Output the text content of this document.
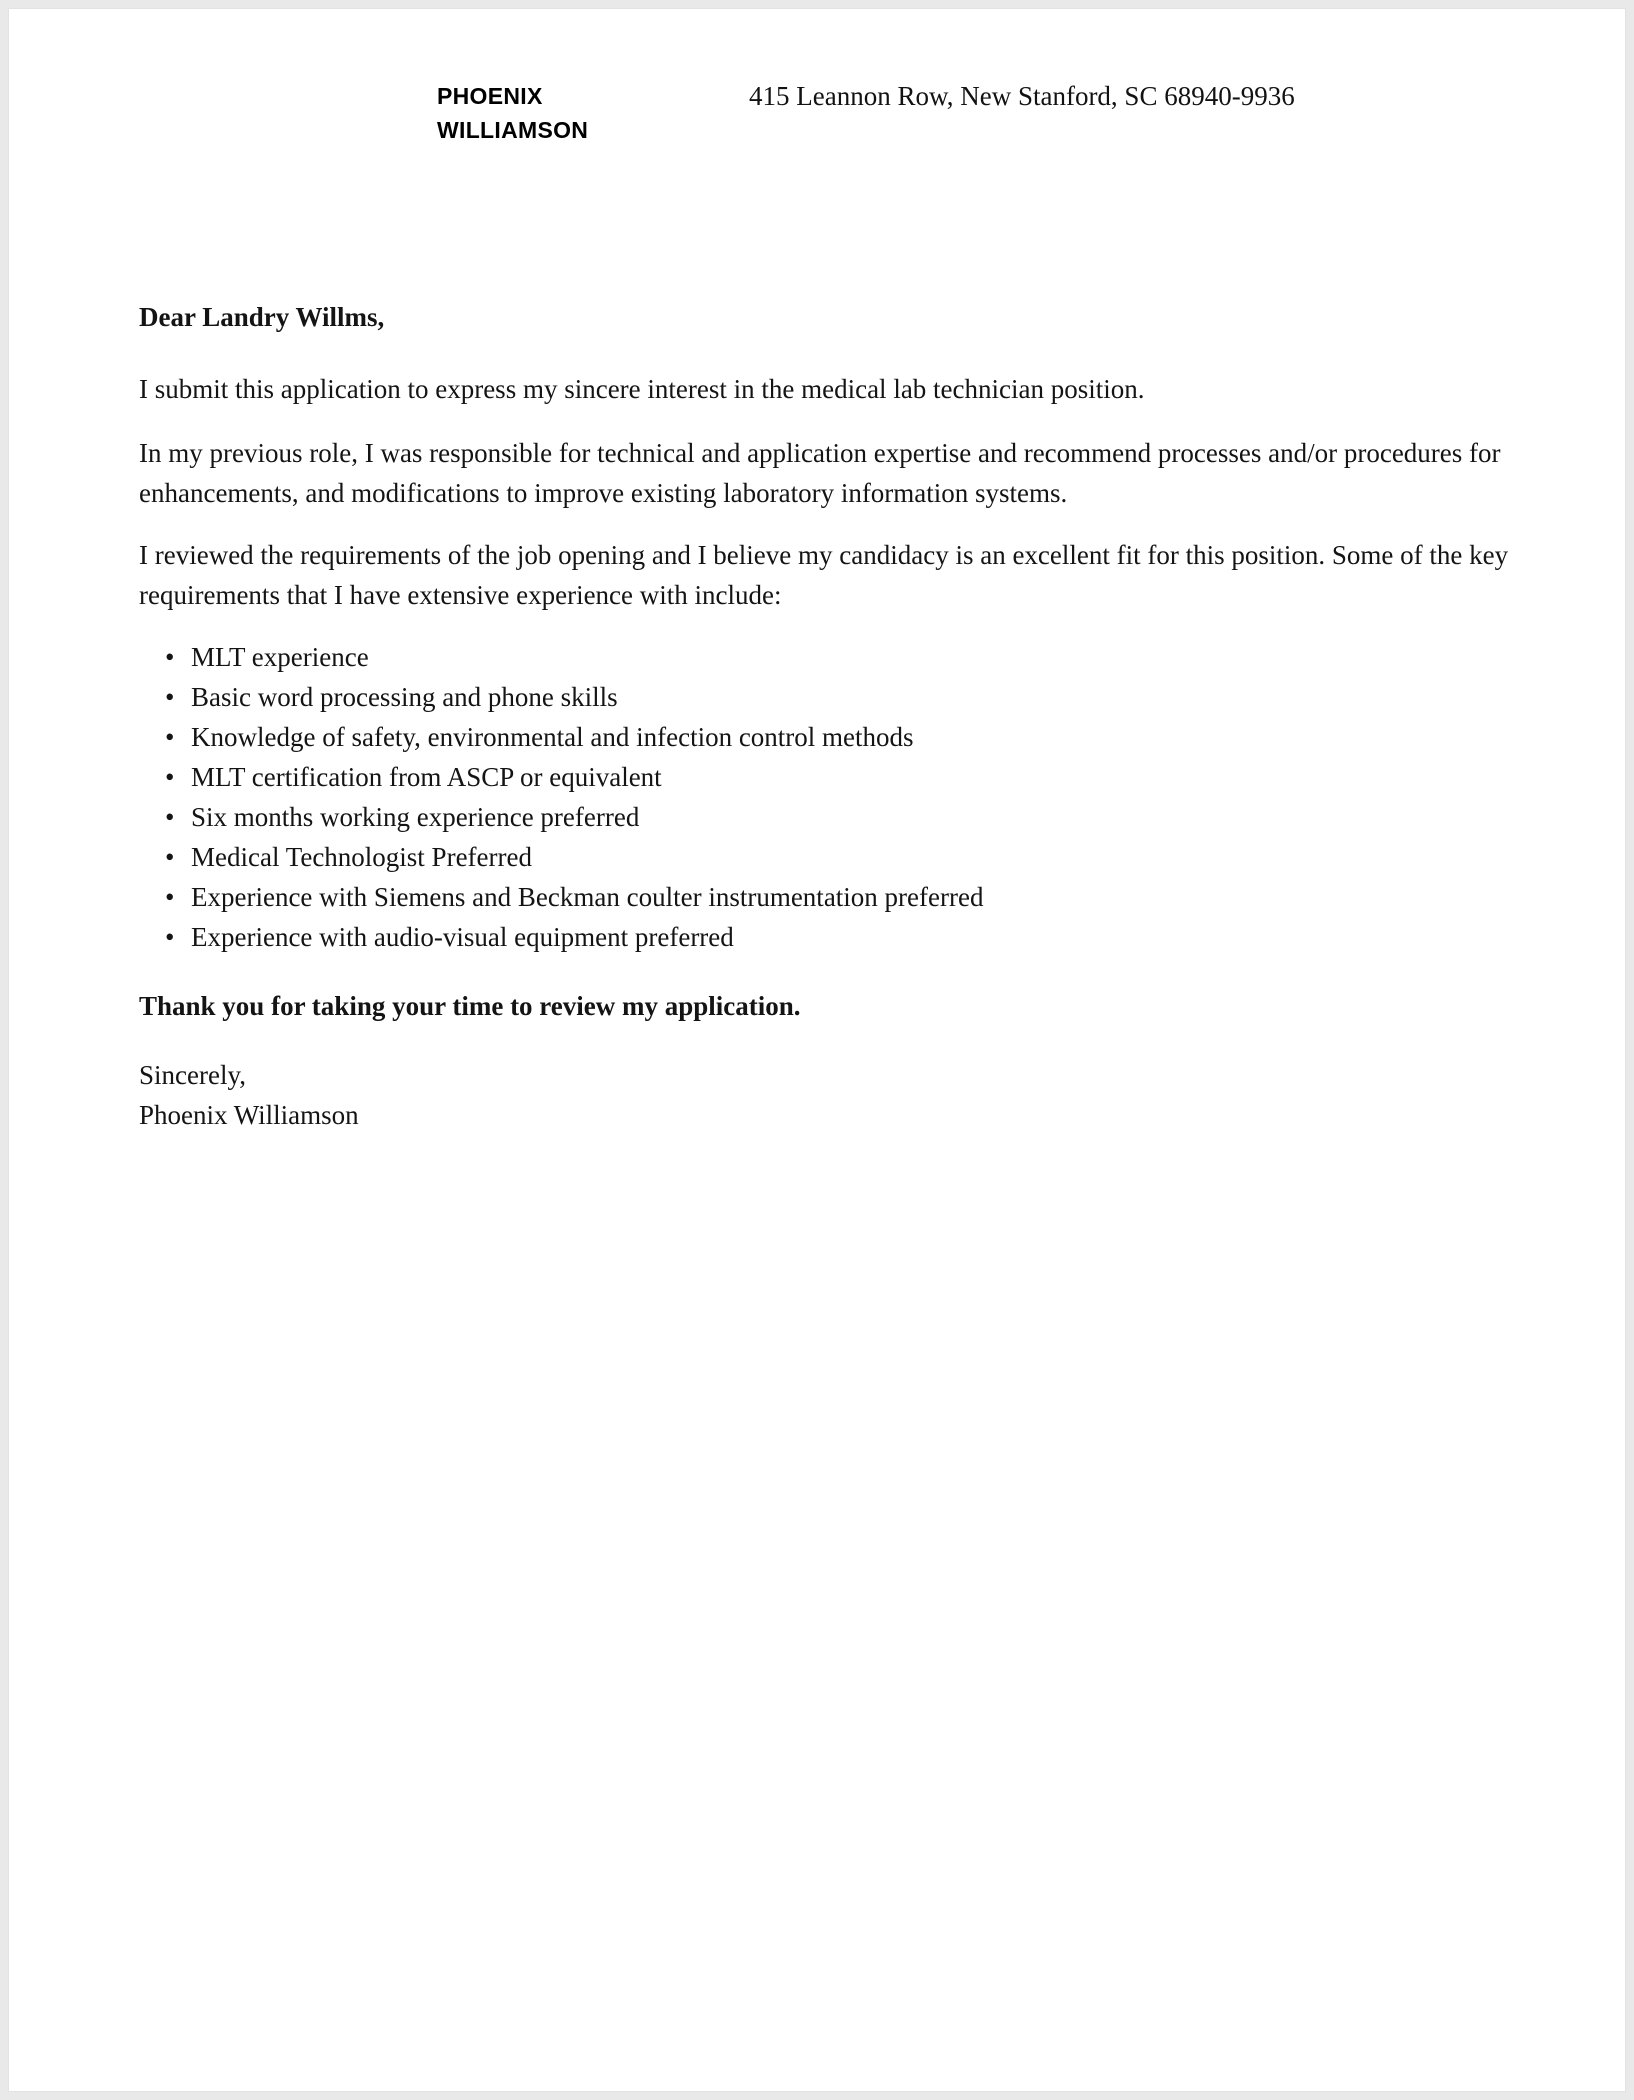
PHOENIX
WILLIAMSON
415 Leannon Row, New Stanford, SC 68940-9936

Dear Landry Willms,

I submit this application to express my sincere interest in the medical lab technician position.

In my previous role, I was responsible for technical and application expertise and recommend processes and/or procedures for enhancements, and modifications to improve existing laboratory information systems.

I reviewed the requirements of the job opening and I believe my candidacy is an excellent fit for this position. Some of the key requirements that I have extensive experience with include:

• MLT experience
• Basic word processing and phone skills
• Knowledge of safety, environmental and infection control methods
• MLT certification from ASCP or equivalent
• Six months working experience preferred
• Medical Technologist Preferred
• Experience with Siemens and Beckman coulter instrumentation preferred
• Experience with audio-visual equipment preferred

Thank you for taking your time to review my application.

Sincerely,
Phoenix Williamson
